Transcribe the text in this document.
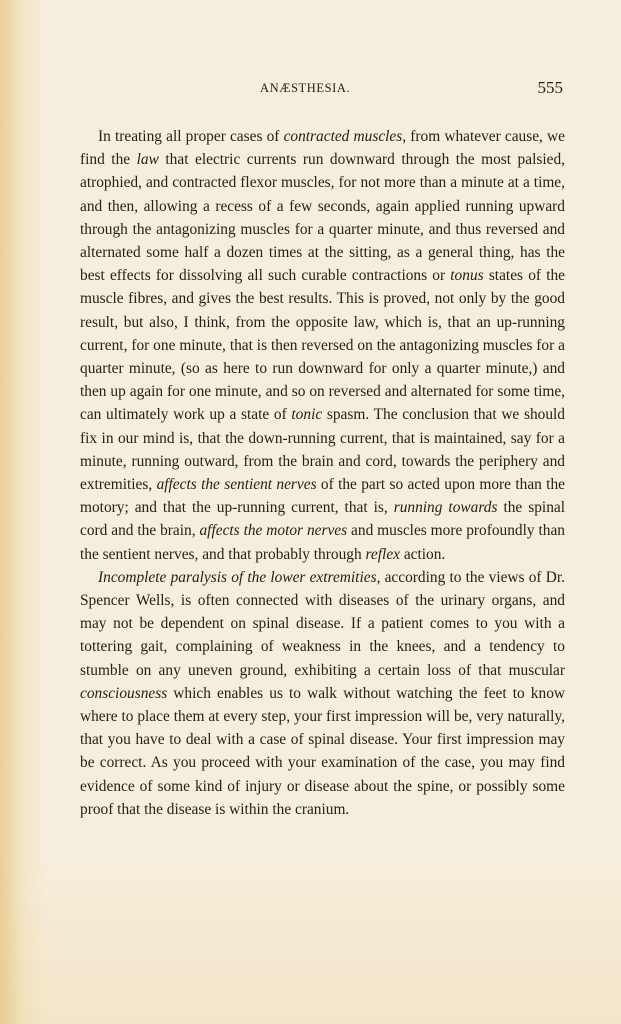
ANÆSTHESIA.	555

In treating all proper cases of contracted muscles, from whatever cause, we find the law that electric currents run downward through the most palsied, atrophied, and contracted flexor muscles, for not more than a minute at a time, and then, allowing a recess of a few seconds, again applied running upward through the antagonizing muscles for a quarter minute, and thus reversed and alternated some half a dozen times at the sitting, as a general thing, has the best effects for dissolving all such curable contractions or tonus states of the muscle fibres, and gives the best results. This is proved, not only by the good result, but also, I think, from the opposite law, which is, that an up-running current, for one minute, that is then reversed on the antagonizing muscles for a quarter minute, (so as here to run downward for only a quarter minute,) and then up again for one minute, and so on reversed and alternated for some time, can ultimately work up a state of tonic spasm. The conclusion that we should fix in our mind is, that the down-running current, that is maintained, say for a minute, running outward, from the brain and cord, towards the periphery and extremities, affects the sentient nerves of the part so acted upon more than the motory; and that the up-running current, that is, running towards the spinal cord and the brain, affects the motor nerves and muscles more profoundly than the sentient nerves, and that probably through reflex action.

Incomplete paralysis of the lower extremities, according to the views of Dr. Spencer Wells, is often connected with diseases of the urinary organs, and may not be dependent on spinal disease. If a patient comes to you with a tottering gait, complaining of weakness in the knees, and a tendency to stumble on any uneven ground, exhibiting a certain loss of that muscular consciousness which enables us to walk without watching the feet to know where to place them at every step, your first impression will be, very naturally, that you have to deal with a case of spinal disease. Your first impression may be correct. As you proceed with your examination of the case, you may find evidence of some kind of injury or disease about the spine, or possibly some proof that the disease is within the cranium.
